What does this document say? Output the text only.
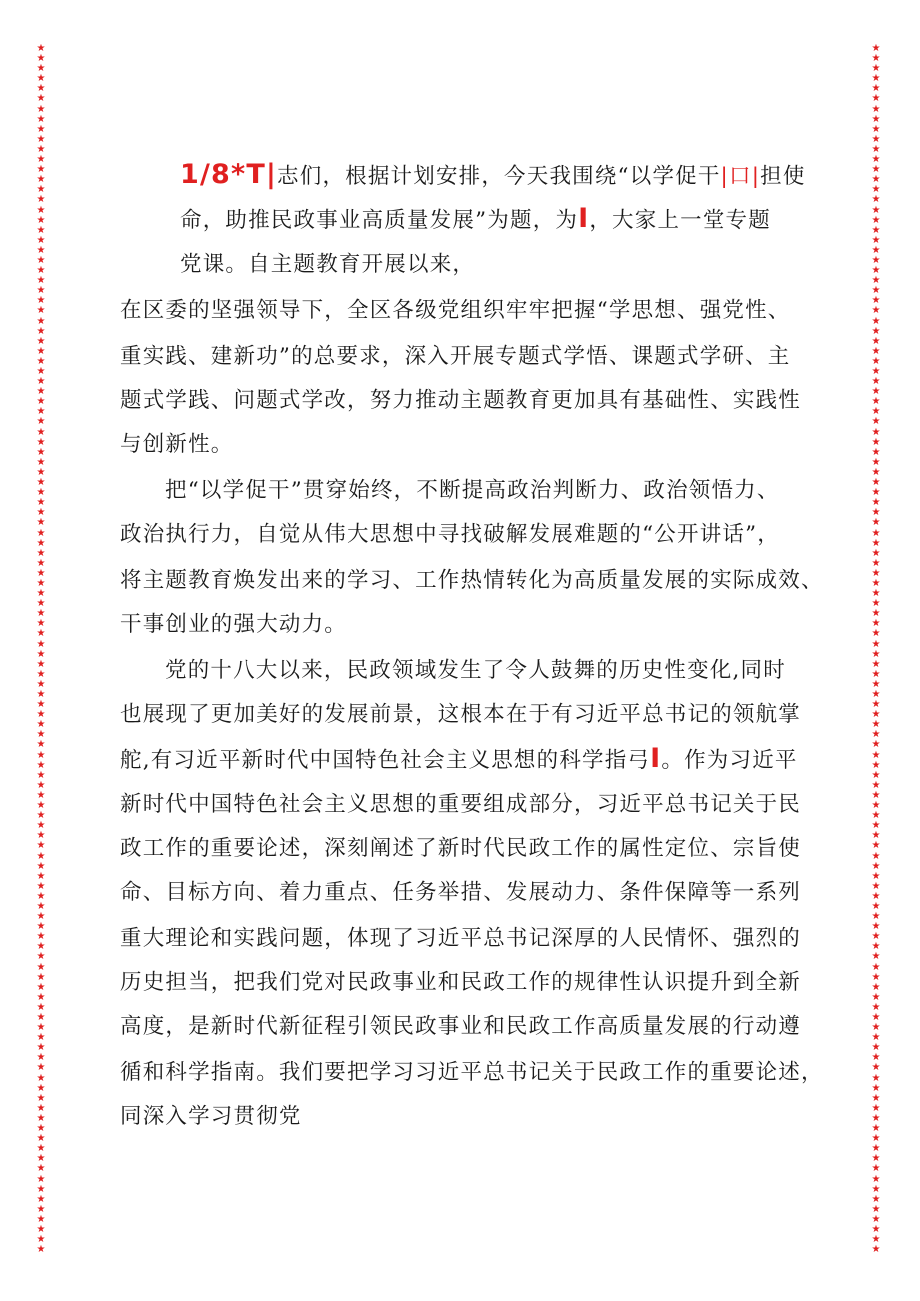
★
★
★
★
★
★
★
★
★
★
★
★
★
★
★
★
★
★
★
★
★
★
★
★
★
★
★
★
★
★
★
★
★
★
★
★
★
★
★
★
★
★
★
★
★
★
★
★
★
★
★
★
★
★
★
★
★
★
★
★
★
★
★
★
★
★
★
★
★
★
★
★
★
★
★
★
★
★
★
★
★
★
★
★
★
★
★
★
★
★
★
★
★
★
★
★
★
★
★
★
★
★
★
★
★
★
★
★
★
★
★
★
★
★
★
★
★
★
★
★
★
★
★
★
★
★
★
★
★
★
★
★
★
★
★
★
★
★
★
★
★
★
★
★
★
★
★
★
★
★
★
★
★
★
★
★
★
★
★
★
★
★
★
★
★
★
★
★
★
★
★
★
★
★
★
★
★
★
★
★
★
★
★
★
★
★
★
★
★
★
★
★
★
★
★
★
★
★
★
★
★
★
★
★
★
★
★
★
★
★
★
★
★
★
★
★
★
★
★
★
★
★
★
★
★
★
★
★
★
★
★
★
★
★
★
★
★
★
★
★
1/8*T|志们，根据计划安排，今天我围绕“以学促干|口|担使
命，助推民政事业高质量发展”为题，为I，大家上一堂专题
党课。自主题教育开展以来，
在区委的坚强领导下，全区各级党组织牢牢把握“学思想、强党性、
重实践、建新功”的总要求，深入开展专题式学悟、课题式学研、主
题式学践、问题式学改，努力推动主题教育更加具有基础性、实践性
与创新性。
把“以学促干”贯穿始终，不断提高政治判断力、政治领悟力、
政治执行力，自觉从伟大思想中寻找破解发展难题的“公开讲话”，
将主题教育焕发出来的学习、工作热情转化为高质量发展的实际成效、
干事创业的强大动力。
党的十八大以来，民政领域发生了令人鼓舞的历史性变化,同时
也展现了更加美好的发展前景，这根本在于有习近平总书记的领航掌
舵,有习近平新时代中国特色社会主义思想的科学指弓I。作为习近平
新时代中国特色社会主义思想的重要组成部分，习近平总书记关于民
政工作的重要论述，深刻阐述了新时代民政工作的属性定位、宗旨使
命、目标方向、着力重点、任务举措、发展动力、条件保障等一系列
重大理论和实践问题，体现了习近平总书记深厚的人民情怀、强烈的
历史担当，把我们党对民政事业和民政工作的规律性认识提升到全新
高度，是新时代新征程引领民政事业和民政工作高质量发展的行动遵
循和科学指南。我们要把学习习近平总书记关于民政工作的重要论述，
同深入学习贯彻党
